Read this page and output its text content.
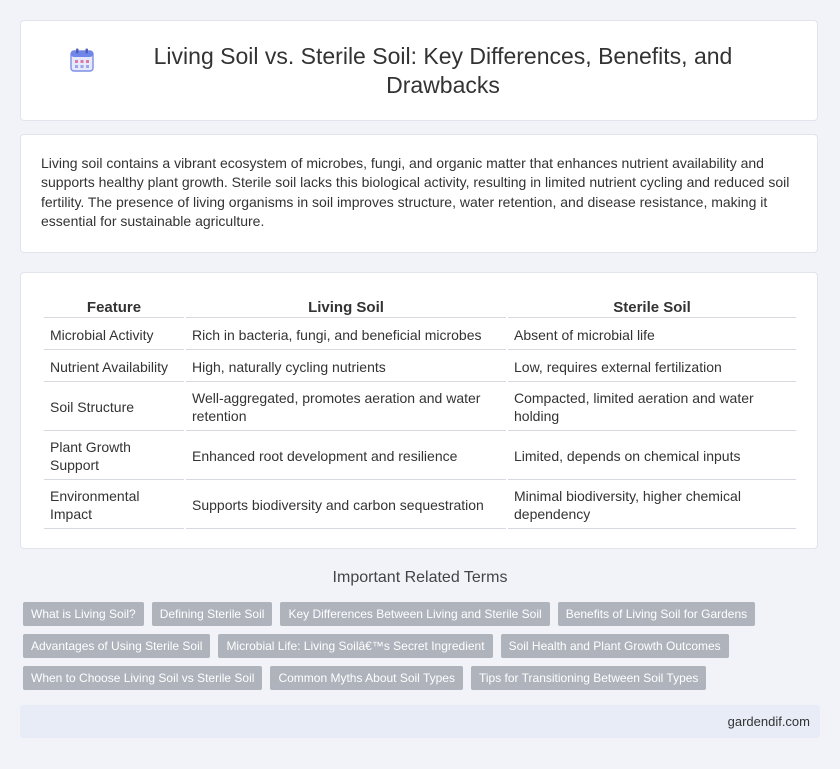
Living Soil vs. Sterile Soil: Key Differences, Benefits, and Drawbacks

Living soil contains a vibrant ecosystem of microbes, fungi, and organic matter that enhances nutrient availability and supports healthy plant growth. Sterile soil lacks this biological activity, resulting in limited nutrient cycling and reduced soil fertility. The presence of living organisms in soil improves structure, water retention, and disease resistance, making it essential for sustainable agriculture.

Feature	Living Soil	Sterile Soil
Microbial Activity	Rich in bacteria, fungi, and beneficial microbes	Absent of microbial life
Nutrient Availability	High, naturally cycling nutrients	Low, requires external fertilization
Soil Structure	Well-aggregated, promotes aeration and water retention	Compacted, limited aeration and water holding
Plant Growth Support	Enhanced root development and resilience	Limited, depends on chemical inputs
Environmental Impact	Supports biodiversity and carbon sequestration	Minimal biodiversity, higher chemical dependency
Important Related Terms
What is Living Soil?	Defining Sterile Soil	Key Differences Between Living and Sterile Soil	Benefits of Living Soil for Gardens
Advantages of Using Sterile Soil	Microbial Life: Living Soilâ€™s Secret Ingredient	Soil Health and Plant Growth Outcomes
When to Choose Living Soil vs Sterile Soil	Common Myths About Soil Types	Tips for Transitioning Between Soil Types
gardendif.com
